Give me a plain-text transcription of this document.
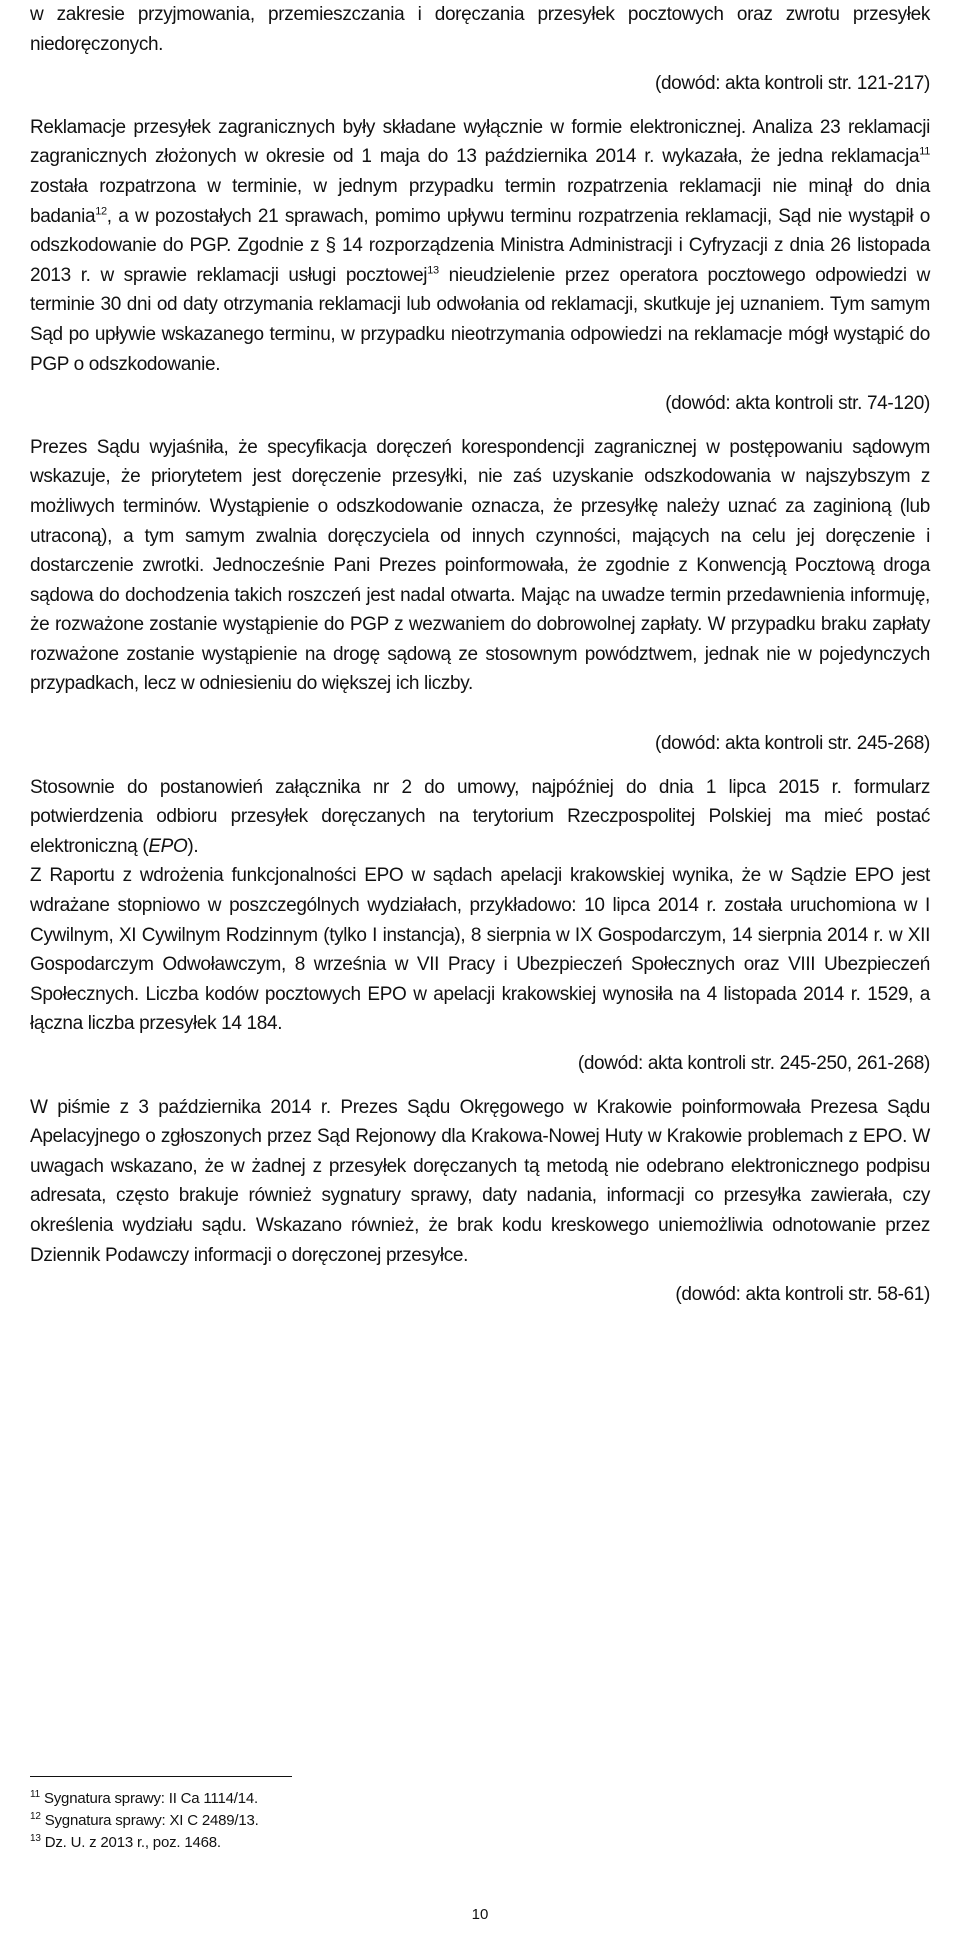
w zakresie przyjmowania, przemieszczania i doręczania przesyłek pocztowych oraz zwrotu przesyłek niedoręczonych.

(dowód: akta kontroli str. 121-217)

Reklamacje przesyłek zagranicznych były składane wyłącznie w formie elektronicznej. Analiza 23 reklamacji zagranicznych złożonych w okresie od 1 maja do 13 października 2014 r. wykazała, że jedna reklamacja$^{11}$ została rozpatrzona w terminie, w jednym przypadku termin rozpatrzenia reklamacji nie minął do dnia badania$^{12}$, a w pozostałych 21 sprawach, pomimo upływu terminu rozpatrzenia reklamacji, Sąd nie wystąpił o odszkodowanie do PGP. Zgodnie z § 14 rozporządzenia Ministra Administracji i Cyfryzacji z dnia 26 listopada 2013 r. w sprawie reklamacji usługi pocztowej$^{13}$ nieudzielenie przez operatora pocztowego odpowiedzi w terminie 30 dni od daty otrzymania reklamacji lub odwołania od reklamacji, skutkuje jej uznaniem. Tym samym Sąd po upływie wskazanego terminu, w przypadku nieotrzymania odpowiedzi na reklamacje mógł wystąpić do PGP o odszkodowanie.

(dowód: akta kontroli str. 74-120)

Prezes Sądu wyjaśniła, że specyfikacja doręczeń korespondencji zagranicznej w postępowaniu sądowym wskazuje, że priorytetem jest doręczenie przesyłki, nie zaś uzyskanie odszkodowania w najszybszym z możliwych terminów. Wystąpienie o odszkodowanie oznacza, że przesyłkę należy uznać za zaginioną (lub utraconą), a tym samym zwalnia doręczyciela od innych czynności, mających na celu jej doręczenie i dostarczenie zwrotki. Jednocześnie Pani Prezes poinformowała, że zgodnie z Konwencją Pocztową droga sądowa do dochodzenia takich roszczeń jest nadal otwarta. Mając na uwadze termin przedawnienia informuję, że rozważone zostanie wystąpienie do PGP z wezwaniem do dobrowolnej zapłaty. W przypadku braku zapłaty rozważone zostanie wystąpienie na drogę sądową ze stosownym powództwem, jednak nie w pojedynczych przypadkach, lecz w odniesieniu do większej ich liczby.

(dowód: akta kontroli str. 245-268)

Stosownie do postanowień załącznika nr 2 do umowy, najpóźniej do dnia 1 lipca 2015 r. formularz potwierdzenia odbioru przesyłek doręczanych na terytorium Rzeczpospolitej Polskiej ma mieć postać elektroniczną (EPO).

Z Raportu z wdrożenia funkcjonalności EPO w sądach apelacji krakowskiej wynika, że w Sądzie EPO jest wdrażane stopniowo w poszczególnych wydziałach, przykładowo: 10 lipca 2014 r. została uruchomiona w I Cywilnym, XI Cywilnym Rodzinnym (tylko I instancja), 8 sierpnia w IX Gospodarczym, 14 sierpnia 2014 r. w XII Gospodarczym Odwoławczym, 8 września w VII Pracy i Ubezpieczeń Społecznych oraz VIII Ubezpieczeń Społecznych. Liczba kodów pocztowych EPO w apelacji krakowskiej wynosiła na 4 listopada 2014 r. 1529, a łączna liczba przesyłek 14 184.

(dowód: akta kontroli str. 245-250, 261-268)

W piśmie z 3 października 2014 r. Prezes Sądu Okręgowego w Krakowie poinformowała Prezesa Sądu Apelacyjnego o zgłoszonych przez Sąd Rejonowy dla Krakowa-Nowej Huty w Krakowie problemach z EPO. W uwagach wskazano, że w żadnej z przesyłek doręczanych tą metodą nie odebrano elektronicznego podpisu adresata, często brakuje również sygnatury sprawy, daty nadania, informacji co przesyłka zawierała, czy określenia wydziału sądu. Wskazano również, że brak kodu kreskowego uniemożliwia odnotowanie przez Dziennik Podawczy informacji o doręczonej przesyłce.

(dowód: akta kontroli str. 58-61)

$^{11}$ Sygnatura sprawy: II Ca 1114/14.

$^{12}$ Sygnatura sprawy: XI C 2489/13.

$^{13}$ Dz. U. z 2013 r., poz. 1468.

10
